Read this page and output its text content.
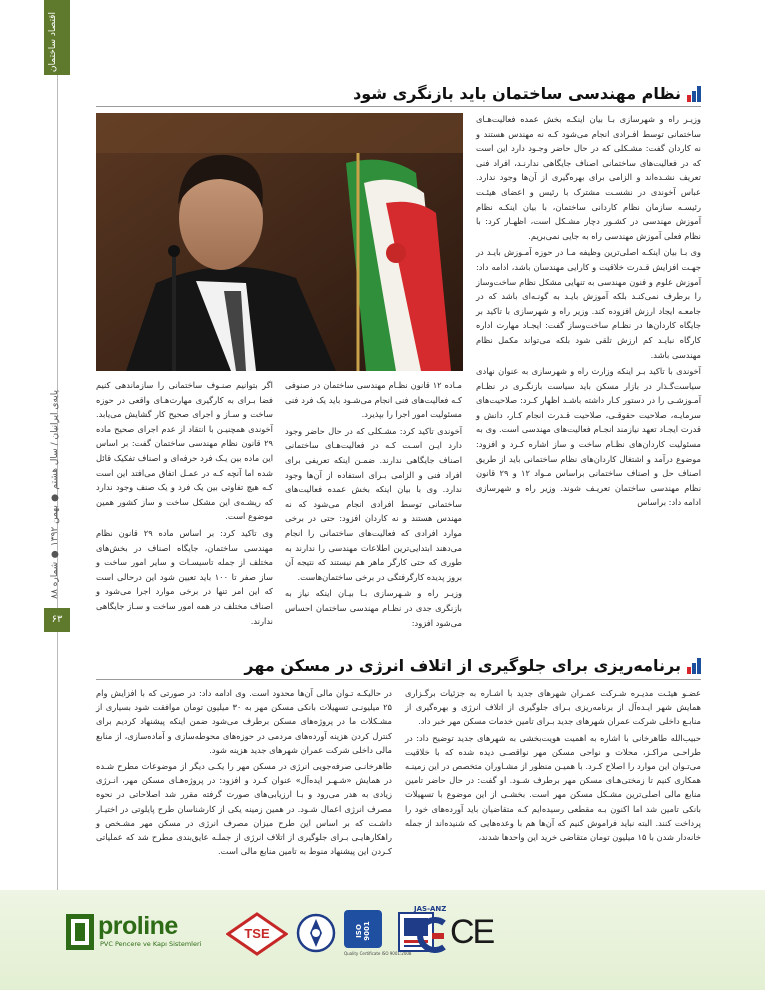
اقتصاد ساختمان
پایه‌ی ایرانیان / سال هشتم ● بهمن ۱۳۹۲ ● شماره ۸۸
۶۳
نظام مهندسی ساختمان باید بازنگری شود

وزیـر راه و شهرسازی بـا بیان اینکـه بخش عمده فعالیت‌هـای ساختمانی توسط افـرادی انجام می‌شود کـه نه مهندس هستند و نه کاردان گفت: مشـکلی که در حال حاضر وجـود دارد این است که در فعالیت‌های ساختمانی اصناف جایگاهی ندارنـد، افراد فنی تعریف نشـده‌اند و الزامی برای بهره‌گیری از آن‌ها وجود ندارد. عباس آخوندی در نشسـت مشترک با رئیس و اعضای هیئـت رئیسـه سازمان نظام کاردانی ساختمان، با بیان اینکـه نظام آموزش مهندسی در کشـور دچار مشـکل است، اظهـار کرد: با نظام فعلی آموزش مهندسی راه به جایی نمی‌بریم.

وی بـا بیان اینکـه اصلی‌ترین وظیفه مـا در حوزه آمـوزش بایـد در جهـت افزایش قـدرت خلاقیت و کارایی مهندسان باشد، ادامه داد: آموزش علوم و فنون مهندسی به تنهایی مشکل نظام ساخت‌وساز را برطرف نمی‌کنـد بلکه آموزش بایـد به گونـه‌ای باشد که در جامعـه ایجاد ارزش افزوده کند. وزیر راه و شهرسازی با تاکید بر جایگاه کاردان‌ها در نظـام ساخت‌وساز گفت: ایجـاد مهارت اداره کارگاه نبایـد کم ارزش تلقی شود بلکه می‌تواند مکمل نظام مهندسی باشد.

آخوندی با تاکید بـر اینکه وزارت راه و شهرسازی به عنوان نهادی سیاست‌گـذار در بازار مسکن باید سیاست بازنگـری در نظـام آمـوزشـی را در دستور کـار داشته باشـد اظهار کـرد: صلاحیت‌های سرمایـه، صلاحیت حقوقـی، صلاحیت قـدرت انجام کـار، دانش و قدرت ایجـاد تعهد نیازمند انجـام فعالیت‌های مهندسی است. وی به مسئولیت کاردان‌های نظـام ساخت و ساز اشاره کـرد و افزود: موضوع درآمد و اشتغال کاردان‌های نظام ساختمانی باید از طریق اصناف حل و اصناف ساختمانی براساس مـواد ۱۲ و ۲۹ قانون نظام مهندسی ساختمان تعریـف شوند. وزیر راه و شهرسازی ادامه داد: براساس

مـاده ۱۲ قانون نظـام مهندسی ساختمان در صنوفی کـه فعالیت‌های فنی انجام می‌شـود باید یک فرد فنی مسئولیت امور اجرا را بپذیرد.

آخوندی تاکید کرد: مشـکلی که در حال حاضر وجود دارد ایـن اسـت کـه در فعالیت‌هـای ساختمانی اصناف جایگاهی ندارند. ضمـن اینکه تعریفی برای افراد فنی و الزامی بـرای استفاده از آن‌ها وجود ندارد. وی با بیان اینکه بخش عمده فعالیت‌های ساختمانی توسط افرادی انجام می‌شود که نه مهندس هستند و نه کاردان افزود: حتی در برخی موارد افرادی که فعالیت‌های ساختمانی را انجام می‌دهند ابتدایی‌ترین اطلاعات مهندسی را ندارند به طوری که حتی کارگر ماهر هم نیستند که نتیجه آن بروز پدیده کارگرفتگی در برخی ساختمان‌هاست.

وزیـر راه و شـهرسازی بـا بیـان اینکه نیاز به بازنگری جدی در نظـام مهندسی ساختمان احساس می‌شود افزود:

اگر بتوانیم صنـوف ساختمانی را سازماندهی کنیم فضا بـرای به کارگیری مهارت‌هـای واقعی در حوزه ساخت و سـاز و اجرای صحیح کار گشایش می‌یابد. آخوندی همچنیـن با انتقاد از عدم اجرای صحیح ماده ۲۹ قانون نظام مهندسی ساختمان گفت: بر اساس این ماده بین یـک فرد حرفه‌ای و اصناف تفکیک قائل شده اما آنچه کـه در عمـل اتفاق می‌افتد این است کـه هیچ تفاوتی بین یک فرد و یک صنف وجود ندارد که ریشـه‌ی این مشکل ساخت و ساز کشور همین موضوع است.

وی تاکید کرد: بر اساس ماده ۲۹ قانون نظام مهندسی ساختمان، جایگاه اصناف در بخش‌های مختلف از جمله تاسیسـات و سایر امور ساخت و ساز صفر تا ۱۰۰ باید تعیین شود این درحالی است که این امر تنها در برخی موارد اجرا می‌شود و اصناف مختلف در همه امور ساخت و سـاز جایگاهی ندارند.

برنامه‌ریزی برای جلوگیری از اتلاف انرژی در مسکن مهر

عضـو هیئـت مدیـره شـرکت عمـران شهرهای جدید با اشـاره به جزئیات برگـزاری همایش شهر ایـده‌آل از برنامه‌ریزی بـرای جلوگیری از اتلاف انرژی و بهره‌گیری از منابـع داخلی شرکت عمران شهرهای جدید بـرای تامین خدمات مسکن مهر خبر داد.

حبیب‌الله طاهرخانی با اشاره به اهمیت هویت‌بخشی به شهرهای جدید توضیح داد: در طراحـی مراکـز، محلات و نواحی مسکن مهر نواقصـی دیده شده که با خلاقیت می‌تـوان این موارد را اصلاح کـرد. با همیـن منظور از مشـاوران متخصص در این زمینـه همکاری کنیم تا زمختی‌هـای مسکن مهر برطرف شـود. او گفت: در حال حاضر تامین منابع مالی اصلی‌ترین مشـکل مسکن مهر است. بخشـی از این موضوع با تسهیلات بانکی تامین شد اما اکنون بـه مقطعی رسیده‌ایم کـه متقاضیان باید آورده‌های خود را پرداخت کنند. البته نباید فراموش کنیم که آن‌ها هم با وعده‌هایی که شنیده‌اند از جمله خانه‌دار شدن با ۱۵ میلیون تومان متقاضی خرید این واحدها شدند،

در حالیکـه تـوان مالی آن‌ها محدود است. وی ادامه داد: در صورتی که با افزایش وام ۲۵ میلیونـی تسهیلات بانکی مسکن مهر به ۳۰ میلیون تومان موافقت شود بسیاری از مشـکلات ما در پروژه‌های مسکن برطرف می‌شود ضمن اینکه پیشنهاد کردیم برای کنترل کردن هزینه آورده‌های مردمی در حوزه‌های محوطه‌سازی و آماده‌سازی، از منابع مالی داخلی شرکت عمران شهرهای جدید هزینه شود.

طاهرخانـی صرفه‌جویی انرژی در مسکن مهر را یکـی دیگر از موضوعات مطرح شـده در همایش «شـهـر ایده‌آل» عنوان کـرد و افزود: در پروژه‌هـای مسکن مهر، انـرژی زیادی به هدر می‌رود و بـا ارزیابی‌های صورت گرفته مقرر شد اصلاحاتی در نحوه مصرف انرژی اعمال شـود. در همین زمینه یکی از کارشناسان طرح پایلوتی در اختیـار داشـت که بر اساس این طرح میزان مصرف انرژی در مسکن مهر مشـخص و راهکارهایـی بـرای جلوگیری از اتلاف انرژی از جملـه عایق‌بندی مطرح شد که عملیاتی کـردن این پیشنهاد منوط به تامین منابع مالی است.

proline
PVC Pencere ve Kapı Sistemleri
TSE	ISO 9001
Quality Certificate ISO 9001:2008
JAS-ANZ
CE
